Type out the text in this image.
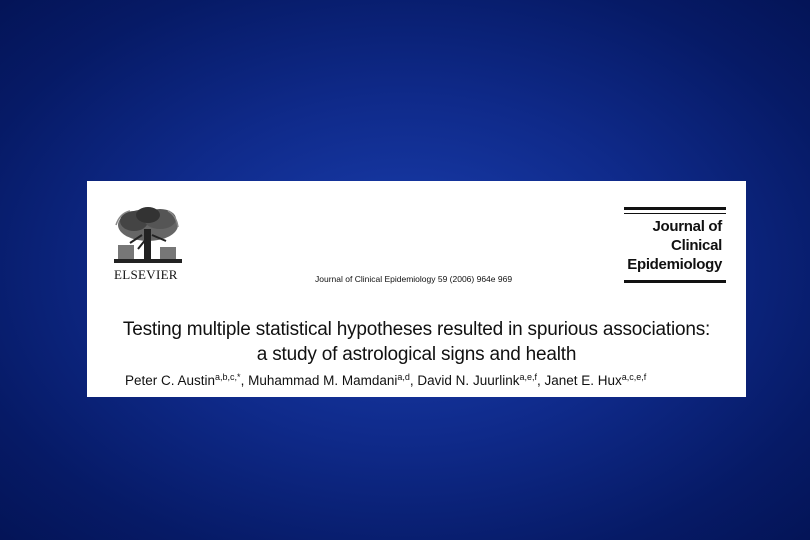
ELSEVIER	Journal of Clinical Epidemiology 59 (2006) 964e 969
Journal of
Clinical
Epidemiology
Testing multiple statistical hypotheses resulted in spurious associations:
a study of astrological signs and health
Peter C. Austin$^{a,b,c,*}$, Muhammad M. Mamdani$^{a,d}$, David N. Juurlink$^{a,e,f}$, Janet E. Hux$^{a,c,e,f}$
